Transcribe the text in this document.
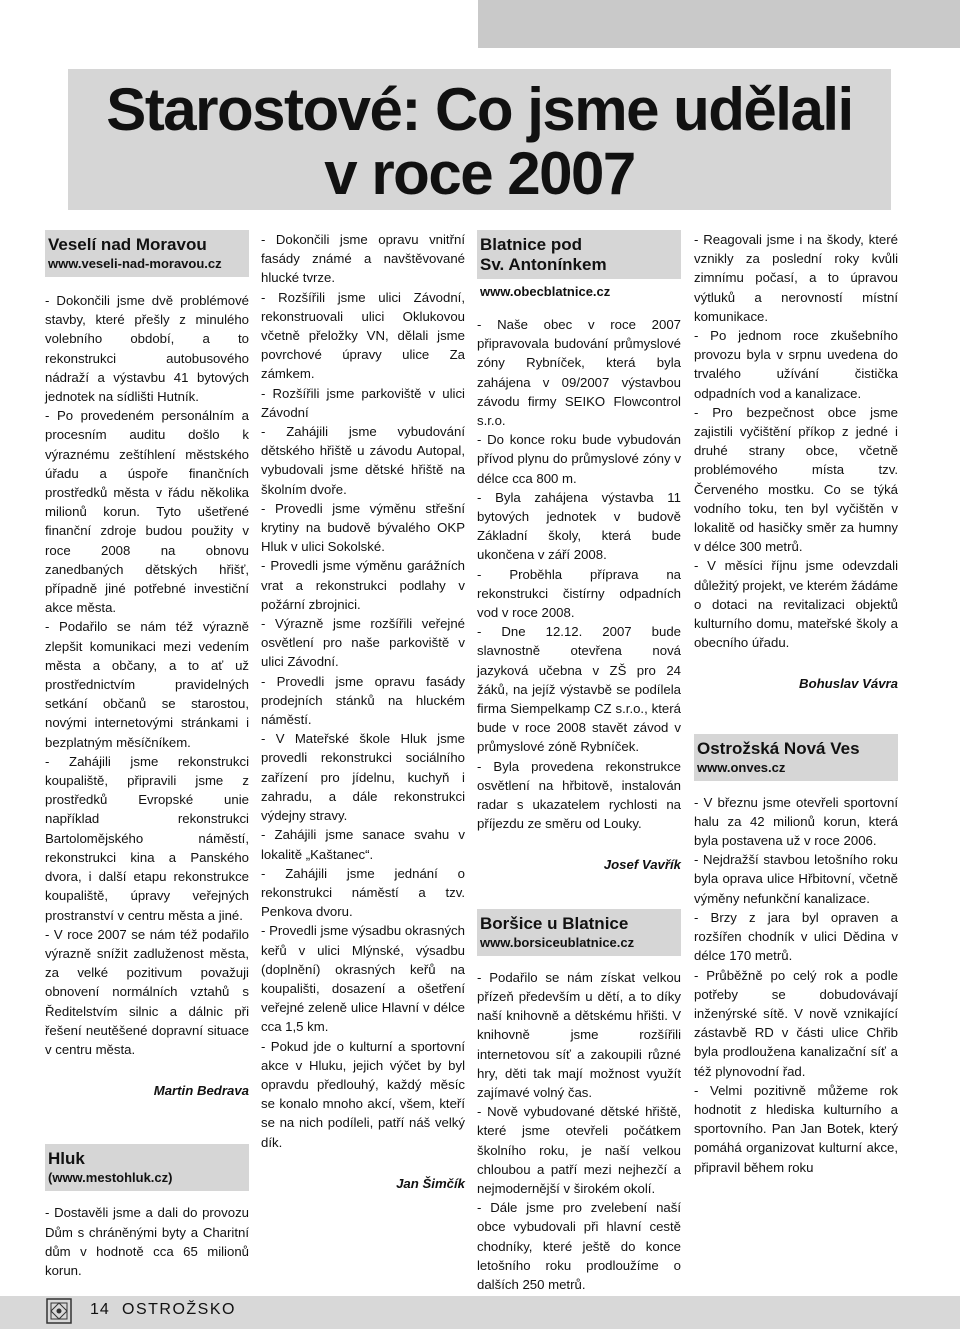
Starostové: Co jsme udělali
v roce 2007
Veselí nad Moravou
www.veseli-nad-moravou.cz

- Dokončili jsme dvě problémové stavby, které přešly z minulého volebního období, a to rekonstrukci autobusového nádraží a výstavbu 41 bytových jednotek na sídlišti Hutník.

- Po provedeném personálním a procesním auditu došlo k výraznému zeštíhlení městského úřadu a úspoře finančních prostředků města v řádu několika milionů korun. Tyto ušetřené finanční zdroje budou použity v roce 2008 na obnovu zanedbaných dětských hřišť, případně jiné potřebné investiční akce města.

- Podařilo se nám též výrazně zlepšit komunikaci mezi vedením města a občany, a to ať už prostřednictvím pravidelných setkání občanů se starostou, novými internetovými stránkami i bezplatným měsíčníkem.

- Zahájili jsme rekonstrukci koupaliště, připravili jsme z prostředků Evropské unie například rekonstrukci Bartolomějského náměstí, rekonstrukci kina a Panského dvora, i další etapu rekonstrukce koupaliště, úpravy veřejných prostranství v centru města a jiné.

- V roce 2007 se nám též podařilo výrazně snížit zadluženost města, za velké pozitivum považuji obnovení normálních vztahů s Ředitelstvím silnic a dálnic při řešení neutěšené dopravní situace v centru města.

Martin Bedrava

Hluk
(www.mestohluk.cz)

- Dostavěli jsme a dali do provozu Dům s chráněnými byty a Charitní dům v hodnotě cca 65 milionů korun.

- Dokončili jsme opravu vnitřní fasády známé a navštěvované hlucké tvrze.

- Rozšířili jsme ulici Závodní, rekonstruovali ulici Oklukovou včetně přeložky VN, dělali jsme povrchové úpravy ulice Za zámkem.

- Rozšířili jsme parkoviště v ulici Závodní

- Zahájili jsme vybudování dětského hřiště u závodu Autopal, vybudovali jsme dětské hřiště na školním dvoře.

- Provedli jsme výměnu střešní krytiny na budově bývalého OKP Hluk v ulici Sokolské.

- Provedli jsme výměnu garážních vrat a rekonstrukci podlahy v požární zbrojnici.

- Výrazně jsme rozšířili veřejné osvětlení pro naše parkoviště v ulici Závodní.

- Provedli jsme opravu fasády prodejních stánků na hluckém náměstí.

- V Mateřské škole Hluk jsme provedli rekonstrukci sociálního zařízení pro jídelnu, kuchyň i zahradu, a dále rekonstrukci výdejny stravy.

- Zahájili jsme sanace svahu v lokalitě „Kaštanec“.

- Zahájili jsme jednání o rekonstrukci náměstí a tzv. Penkova dvoru.

- Provedli jsme výsadbu okrasných keřů v ulici Mlýnské, výsadbu (doplnění) okrasných keřů na koupališti, dosazení a ošetření veřejné zeleně ulice Hlavní v délce cca 1,5 km.

- Pokud jde o kulturní a sportovní akce v Hluku, jejich výčet by byl opravdu předlouhý, každý měsíc se konalo mnoho akcí, všem, kteří se na nich podíleli, patří náš velký dík.

Jan Šimčík

Blatnice pod
Sv. Antonínkem
www.obecblatnice.cz

- Naše obec v roce 2007 připravovala budování průmyslové zóny Rybníček, která byla zahájena v 09/2007 výstavbou závodu firmy SEIKO Flowcontrol s.r.o.

- Do konce roku bude vybudován přívod plynu do průmyslové zóny v délce cca 800 m.

- Byla zahájena výstavba 11 bytových jednotek v budově Základní školy, která bude ukončena v září 2008.

- Proběhla příprava na rekonstrukci čistírny odpadních vod v roce 2008.

- Dne 12.12. 2007 bude slavnostně otevřena nová jazyková učebna v ZŠ pro 24 žáků, na jejíž výstavbě se podílela firma Siempelkamp CZ s.r.o., která bude v roce 2008 stavět závod v průmyslové zóně Rybníček.

- Byla provedena rekonstrukce osvětlení na hřbitově, instalován radar s ukazatelem rychlosti na příjezdu ze směru od Louky.

Josef Vavřík

Boršice u Blatnice
www.borsiceublatnice.cz

- Podařilo se nám získat velkou přízeň především u dětí, a to díky naší knihovně a dětskému hřišti. V knihovně jsme rozšířili internetovou síť a zakoupili různé hry, děti tak mají možnost využít zajímavé volný čas.

- Nově vybudované dětské hřiště, které jsme otevřeli počátkem školního roku, je naší velkou chloubou a patří mezi nejhezčí a nejmodernější v širokém okolí.

- Dále jsme pro zvelebení naší obce vybudovali při hlavní cestě chodníky, které ještě do konce letošního roku prodloužíme o dalších 250 metrů.

- Reagovali jsme i na škody, které vznikly za poslední roky kvůli zimnímu počasí, a to úpravou výtluků a nerovností místní komunikace.

- Po jednom roce zkušebního provozu byla v srpnu uvedena do trvalého užívání čistička odpadních vod a kanalizace.

- Pro bezpečnost obce jsme zajistili vyčištění příkop z jedné i druhé strany obce, včetně problémového místa tzv. Červeného mostku. Co se týká vodního toku, ten byl vyčištěn v lokalitě od hasičky směr za humny v délce 300 metrů.

- V měsíci říjnu jsme odevzdali důležitý projekt, ve kterém žádáme o dotaci na revitalizaci objektů kulturního domu, mateřské školy a obecního úřadu.

Bohuslav Vávra

Ostrožská Nová Ves
www.onves.cz

- V březnu jsme otevřeli sportovní halu za 42 milionů korun, která byla postavena už v roce 2006.

- Nejdražší stavbou letošního roku byla oprava ulice Hřbitovní, včetně výměny nefunkční kanalizace.

- Brzy z jara byl opraven a rozšířen chodník v ulici Dědina v délce 170 metrů.

- Průběžně po celý rok a podle potřeby se dobudovávají inženýrské sítě. V nově vznikající zástavbě RD v části ulice Chřib byla prodloužena kanalizační síť a též plynovodní řad.

- Velmi pozitivně můžeme rok hodnotit z hlediska kulturního a sportovního. Pan Jan Botek, který pomáhá organizovat kulturní akce, připravil během roku

14 OSTROŽSKO
